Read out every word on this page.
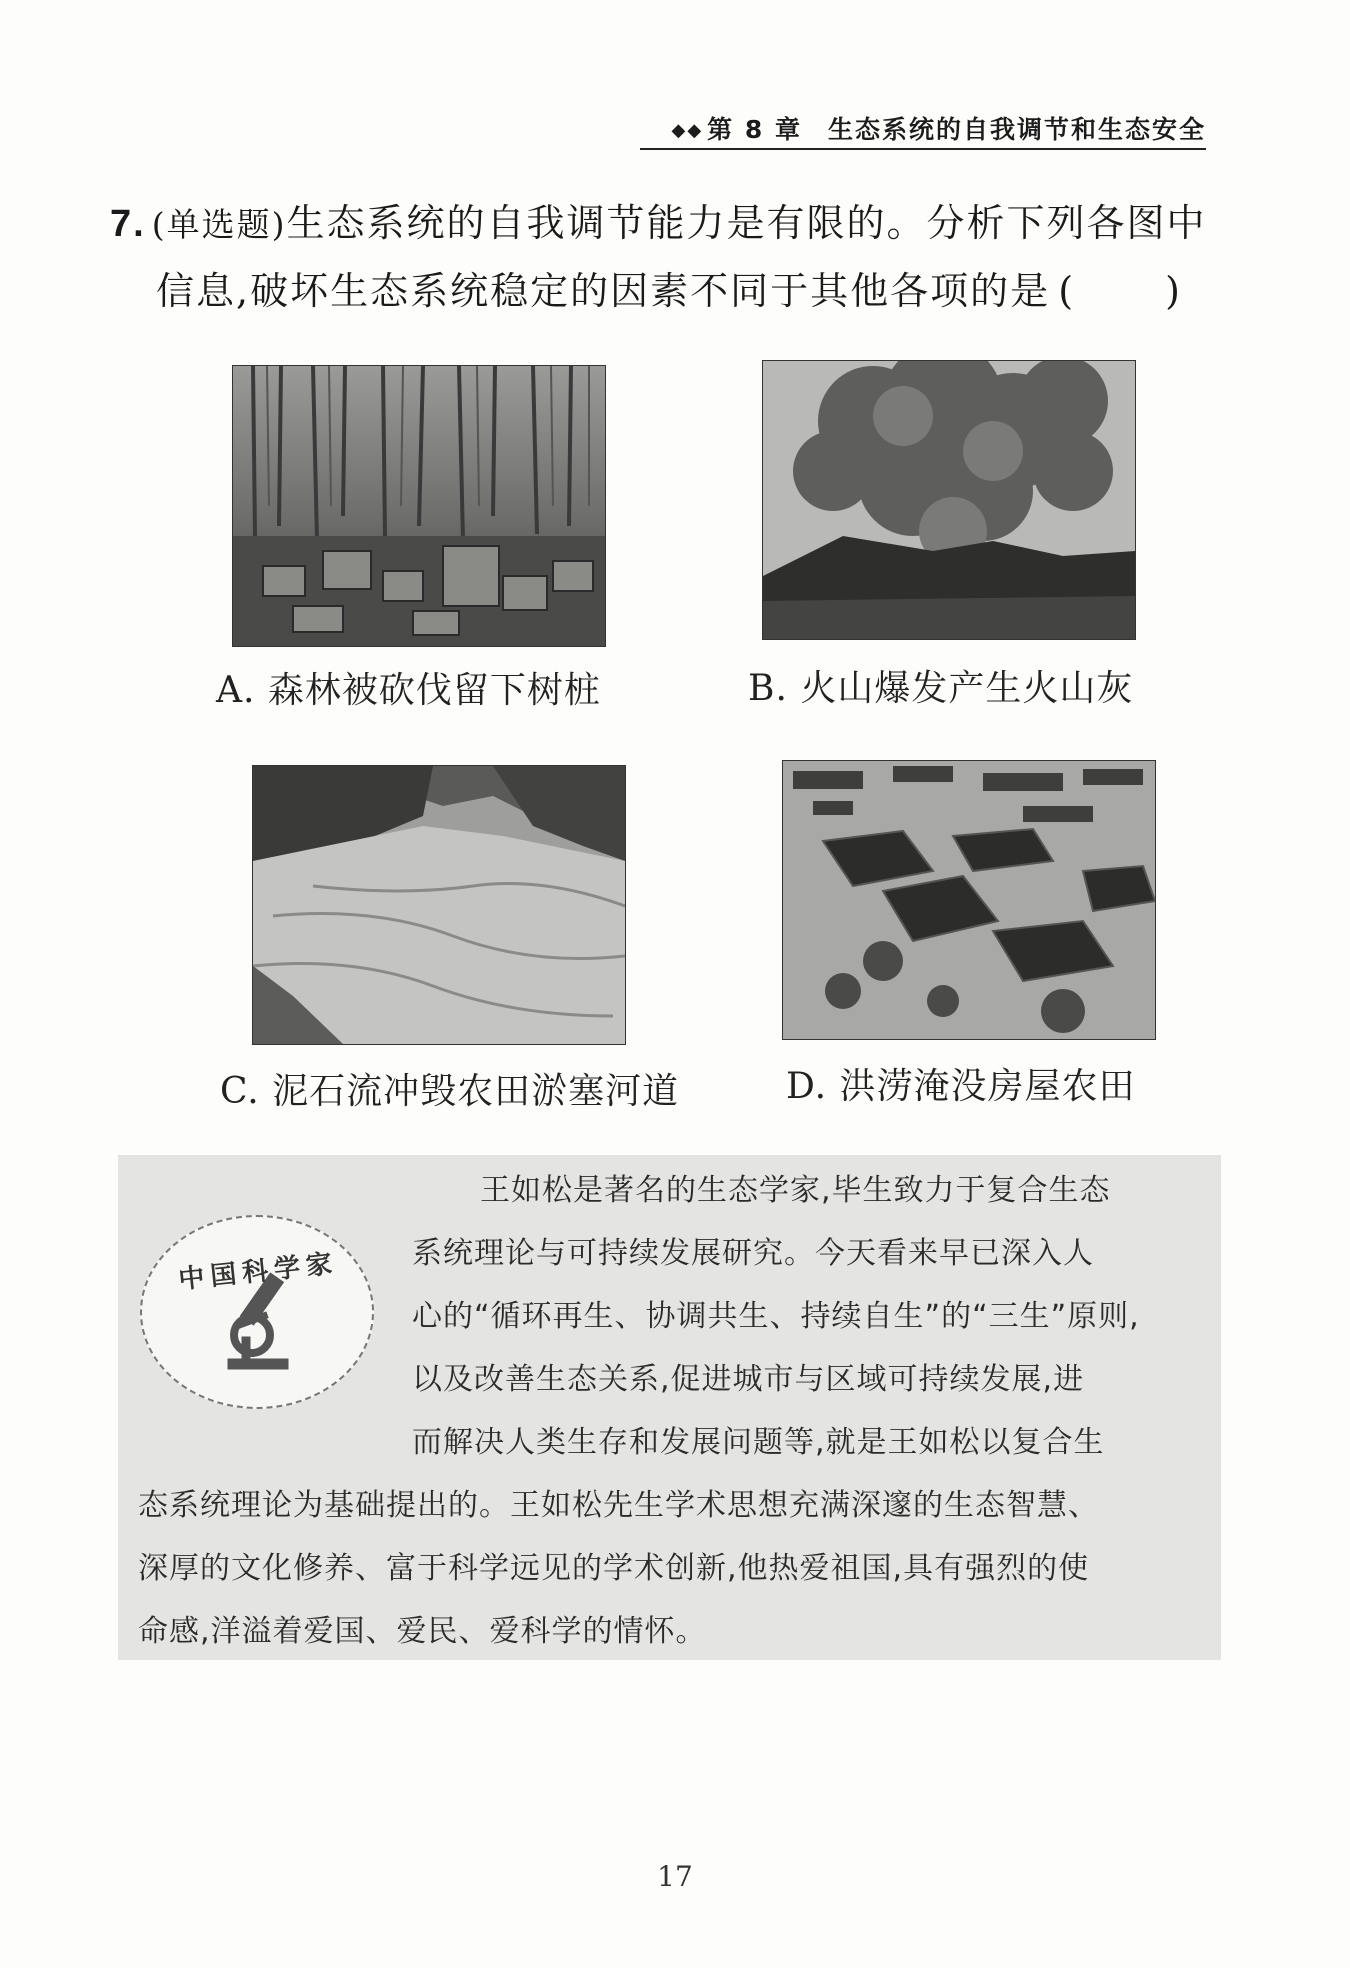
◆◆ 第 8 章 生态系统的自我调节和生态安全
7. (单选题)生态系统的自我调节能力是有限的。分析下列各图中
信息,破坏生态系统稳定的因素不同于其他各项的是 ( )
A. 森林被砍伐留下树桩	B. 火山爆发产生火山灰
C. 泥石流冲毁农田淤塞河道	D. 洪涝淹没房屋农田
中国科学家
王如松是著名的生态学家,毕生致力于复合生态
系统理论与可持续发展研究。今天看来早已深入人
心的“循环再生、协调共生、持续自生”的“三生”原则,
以及改善生态关系,促进城市与区域可持续发展,进
而解决人类生存和发展问题等,就是王如松以复合生
态系统理论为基础提出的。王如松先生学术思想充满深邃的生态智慧、
深厚的文化修养、富于科学远见的学术创新,他热爱祖国,具有强烈的使
命感,洋溢着爱国、爱民、爱科学的情怀。
17
